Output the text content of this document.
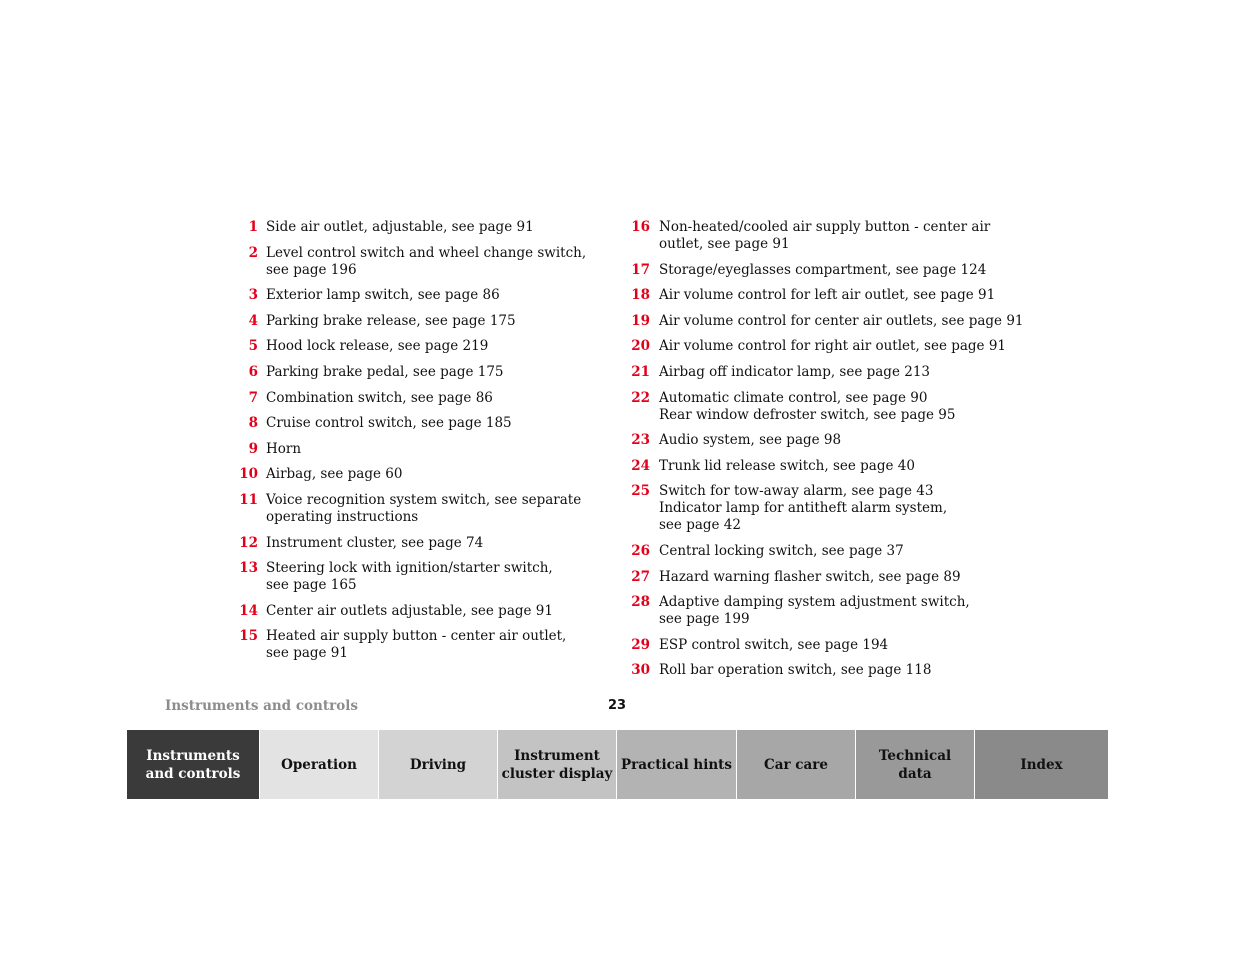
1 Side air outlet, adjustable, see page 91
2 Level control switch and wheel change switch,
see page 196
3 Exterior lamp switch, see page 86
4 Parking brake release, see page 175
5 Hood lock release, see page 219
6 Parking brake pedal, see page 175
7 Combination switch, see page 86
8 Cruise control switch, see page 185
9 Horn
10 Airbag, see page 60
11 Voice recognition system switch, see separate
operating instructions
12 Instrument cluster, see page 74
13 Steering lock with ignition/starter switch,
see page 165
14 Center air outlets adjustable, see page 91
15 Heated air supply button - center air outlet,
see page 91
16 Non-heated/cooled air supply button - center air
outlet, see page 91
17 Storage/eyeglasses compartment, see page 124
18 Air volume control for left air outlet, see page 91
19 Air volume control for center air outlets, see page 91
20 Air volume control for right air outlet, see page 91
21 Airbag off indicator lamp, see page 213
22 Automatic climate control, see page 90
Rear window defroster switch, see page 95
23 Audio system, see page 98
24 Trunk lid release switch, see page 40
25 Switch for tow-away alarm, see page 43
Indicator lamp for antitheft alarm system,
see page 42
26 Central locking switch, see page 37
27 Hazard warning flasher switch, see page 89
28 Adaptive damping system adjustment switch,
see page 199
29 ESP control switch, see page 194
30 Roll bar operation switch, see page 118
Instruments and controls	23
Instruments
and controls
Operation	Driving
Instrument
cluster display
Practical hints Car care
Technical
data
Index
